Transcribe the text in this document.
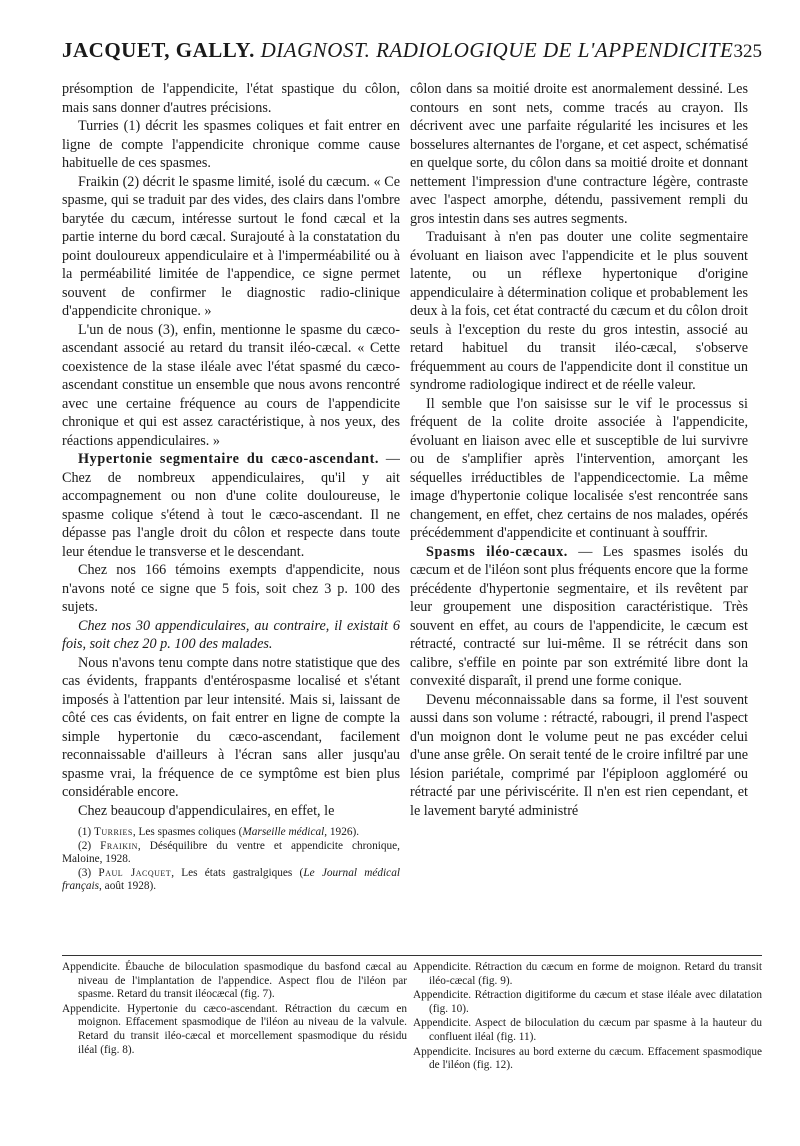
JACQUET, GALLY. DIAGNOST. RADIOLOGIQUE DE L'APPENDICITE 325

présomption de l'appendicite, l'état spastique du côlon, mais sans donner d'autres précisions.

Turries (1) décrit les spasmes coliques et fait entrer en ligne de compte l'appendicite chronique comme cause habituelle de ces spasmes.

Fraikin (2) décrit le spasme limité, isolé du cæcum. « Ce spasme, qui se traduit par des vides, des clairs dans l'ombre barytée du cæcum, intéresse surtout le fond cæcal et la partie interne du bord cæcal. Surajouté à la constatation du point douloureux appendiculaire et à l'imperméabilité ou à la perméabilité limitée de l'appendice, ce signe permet souvent de confirmer le diagnostic radio-clinique d'appendicite chronique. »

L'un de nous (3), enfin, mentionne le spasme du cæco-ascendant associé au retard du transit iléo-cæcal. « Cette coexistence de la stase iléale avec l'état spasmé du cæco-ascendant constitue un ensemble que nous avons rencontré avec une certaine fréquence au cours de l'appendicite chronique et qui est assez caractéristique, à nos yeux, des réactions appendiculaires. »

Hypertonie segmentaire du cæco-ascendant. — Chez de nombreux appendiculaires, qu'il y ait accompagnement ou non d'une colite douloureuse, le spasme colique s'étend à tout le cæco-ascendant. Il ne dépasse pas l'angle droit du côlon et respecte dans toute leur étendue le transverse et le descendant.

Chez nos 166 témoins exempts d'appendicite, nous n'avons noté ce signe que 5 fois, soit chez 3 p. 100 des sujets.

Chez nos 30 appendiculaires, au contraire, il existait 6 fois, soit chez 20 p. 100 des malades.

Nous n'avons tenu compte dans notre statistique que des cas évidents, frappants d'entérospasme localisé et s'étant imposés à l'attention par leur intensité. Mais si, laissant de côté ces cas évidents, on fait entrer en ligne de compte la simple hypertonie du cæco-ascendant, facilement reconnaissable d'ailleurs à l'écran sans aller jusqu'au spasme vrai, la fréquence de ce symptôme est bien plus considérable encore.

Chez beaucoup d'appendiculaires, en effet, le

(1) Turries, Les spasmes coliques (Marseille médical, 1926).

(2) Fraikin, Déséquilibre du ventre et appendicite chronique, Maloine, 1928.

(3) Paul Jacquet, Les états gastralgiques (Le Journal médical français, août 1928).

côlon dans sa moitié droite est anormalement dessiné. Les contours en sont nets, comme tracés au crayon. Ils décrivent avec une parfaite régularité les incisures et les bosselures alternantes de l'organe, et cet aspect, schématisé en quelque sorte, du côlon dans sa moitié droite et donnant nettement l'impression d'une contracture légère, contraste avec l'aspect amorphe, détendu, passivement rempli du gros intestin dans ses autres segments.

Traduisant à n'en pas douter une colite segmentaire évoluant en liaison avec l'appendicite et le plus souvent latente, ou un réflexe hypertonique d'origine appendiculaire à détermination colique et probablement les deux à la fois, cet état contracté du cæcum et du côlon droit seuls à l'exception du reste du gros intestin, associé au retard habituel du transit iléo-cæcal, s'observe fréquemment au cours de l'appendicite dont il constitue un syndrome radiologique indirect et de réelle valeur.

Il semble que l'on saisisse sur le vif le processus si fréquent de la colite droite associée à l'appendicite, évoluant en liaison avec elle et susceptible de lui survivre ou de s'amplifier après l'intervention, amorçant les séquelles irréductibles de l'appendicectomie. La même image d'hypertonie colique localisée s'est rencontrée sans changement, en effet, chez certains de nos malades, opérés précédemment d'appendicite et continuant à souffrir.

Spasms iléo-cæcaux. — Les spasmes isolés du cæcum et de l'iléon sont plus fréquents encore que la forme précédente d'hypertonie segmentaire, et ils revêtent par leur groupement une disposition caractéristique. Très souvent en effet, au cours de l'appendicite, le cæcum est rétracté, contracté sur lui-même. Il se rétrécit dans son calibre, s'effile en pointe par son extrémité libre dont la convexité disparaît, il prend une forme conique.

Devenu méconnaissable dans sa forme, il l'est souvent aussi dans son volume : rétracté, rabougri, il prend l'aspect d'un moignon dont le volume peut ne pas excéder celui d'une anse grêle. On serait tenté de le croire infiltré par une lésion pariétale, comprimé par l'épiploon aggloméré ou rétracté par une périviscérite. Il n'en est rien cependant, et le lavement baryté administré

Appendicite. Ébauche de biloculation spasmodique du basfond cæcal au niveau de l'implantation de l'appendice. Aspect flou de l'iléon par spasme. Retard du transit iléocæcal (fig. 7).

Appendicite. Hypertonie du cæco-ascendant. Rétraction du cæcum en moignon. Effacement spasmodique de l'iléon au niveau de la valvule. Retard du transit iléo-cæcal et morcellement spasmodique du résidu iléal (fig. 8).

Appendicite. Rétraction du cæcum en forme de moignon. Retard du transit iléo-cæcal (fig. 9).

Appendicite. Rétraction digitiforme du cæcum et stase iléale avec dilatation (fig. 10).

Appendicite. Aspect de biloculation du cæcum par spasme à la hauteur du confluent iléal (fig. 11).

Appendicite. Incisures au bord externe du cæcum. Effacement spasmodique de l'iléon (fig. 12).
